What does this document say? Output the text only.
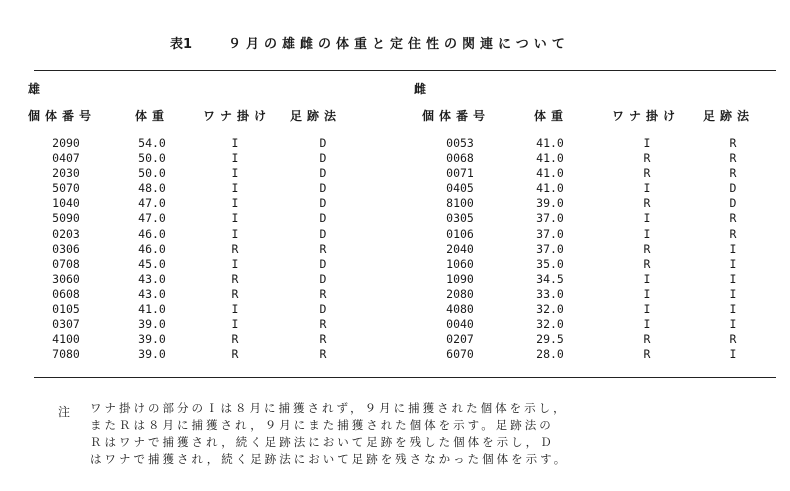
表1	９月の雄雌の体重と定住性の関連について
雄
個体番号	体重	ワナ掛け 足跡法
雌
個体番号	体重	ワナ掛け 足跡法
2090	54.0	I	D
0407	50.0	I	D
2030	50.0	I	D
5070	48.0	I	D
1040	47.0	I	D
5090	47.0	I	D
0203	46.0	I	D
0306	46.0	R	R
0708	45.0	I	D
3060	43.0	R	D
0608	43.0	R	R
0105	41.0	I	D
0307	39.0	I	R
4100	39.0	R	R
7080	39.0	R	R
0053	41.0	I	R
0068	41.0	R	R
0071	41.0	R	R
0405	41.0	I	D
8100	39.0	R	D
0305	37.0	I	R
0106	37.0	I	R
2040	37.0	R	I
1060	35.0	R	I
1090	34.5	I	I
2080	33.0	I	I
4080	32.0	I	I
0040	32.0	I	I
0207	29.5	R	R
6070	28.0	R	I
注 ワナ掛けの部分のＩは８月に捕獲されず，９月に捕獲された個体を示し，
またＲは８月に捕獲され，９月にまた捕獲された個体を示す。足跡法の
Ｒはワナで捕獲され，続く足跡法において足跡を残した個体を示し，Ｄ
はワナで捕獲され，続く足跡法において足跡を残さなかった個体を示す。
